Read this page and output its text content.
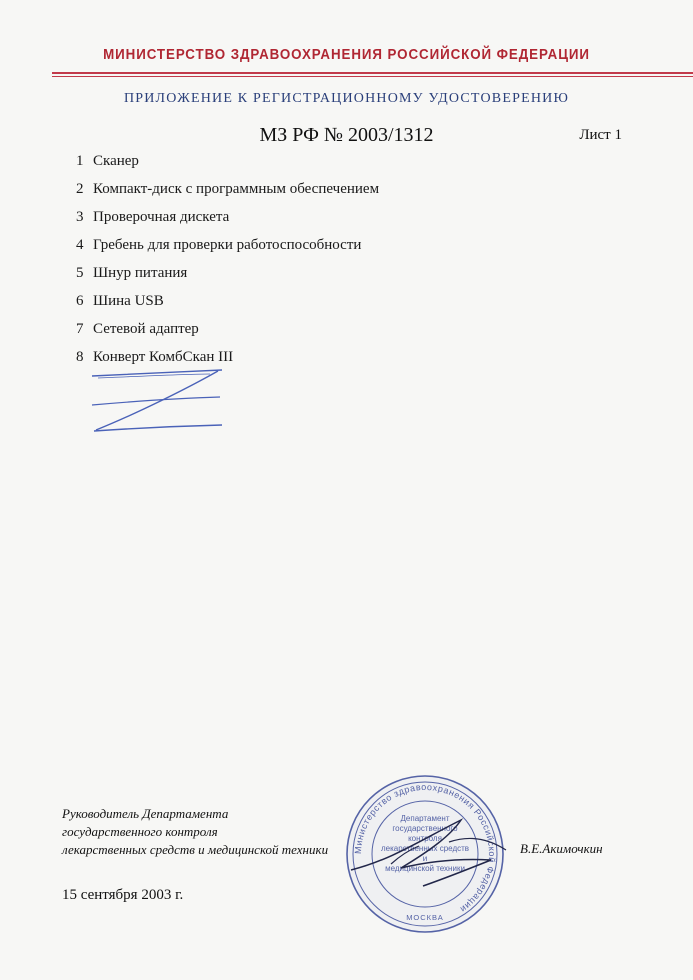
МИНИСТЕРСТВО ЗДРАВООХРАНЕНИЯ РОССИЙСКОЙ ФЕДЕРАЦИИ
ПРИЛОЖЕНИЕ К РЕГИСТРАЦИОННОМУ УДОСТОВЕРЕНИЮ
МЗ РФ № 2003/1312	Лист 1
1 Сканер
2 Компакт-диск с программным обеспечением
3 Проверочная дискета
4 Гребень для проверки работоспособности
5 Шнур питания
6 Шина USB
7 Сетевой адаптер
8 Конверт КомбСкан III
Руководитель Департамента
государственного контроля
лекарственных средств и медицинской техники	В.Е.Акимочкин
15 сентября 2003 г.
Министерство здравоохранения Российской Федерации
Департамент
государственного
контроля
лекарственных средств
и
медицинской техники
МОСКВА
